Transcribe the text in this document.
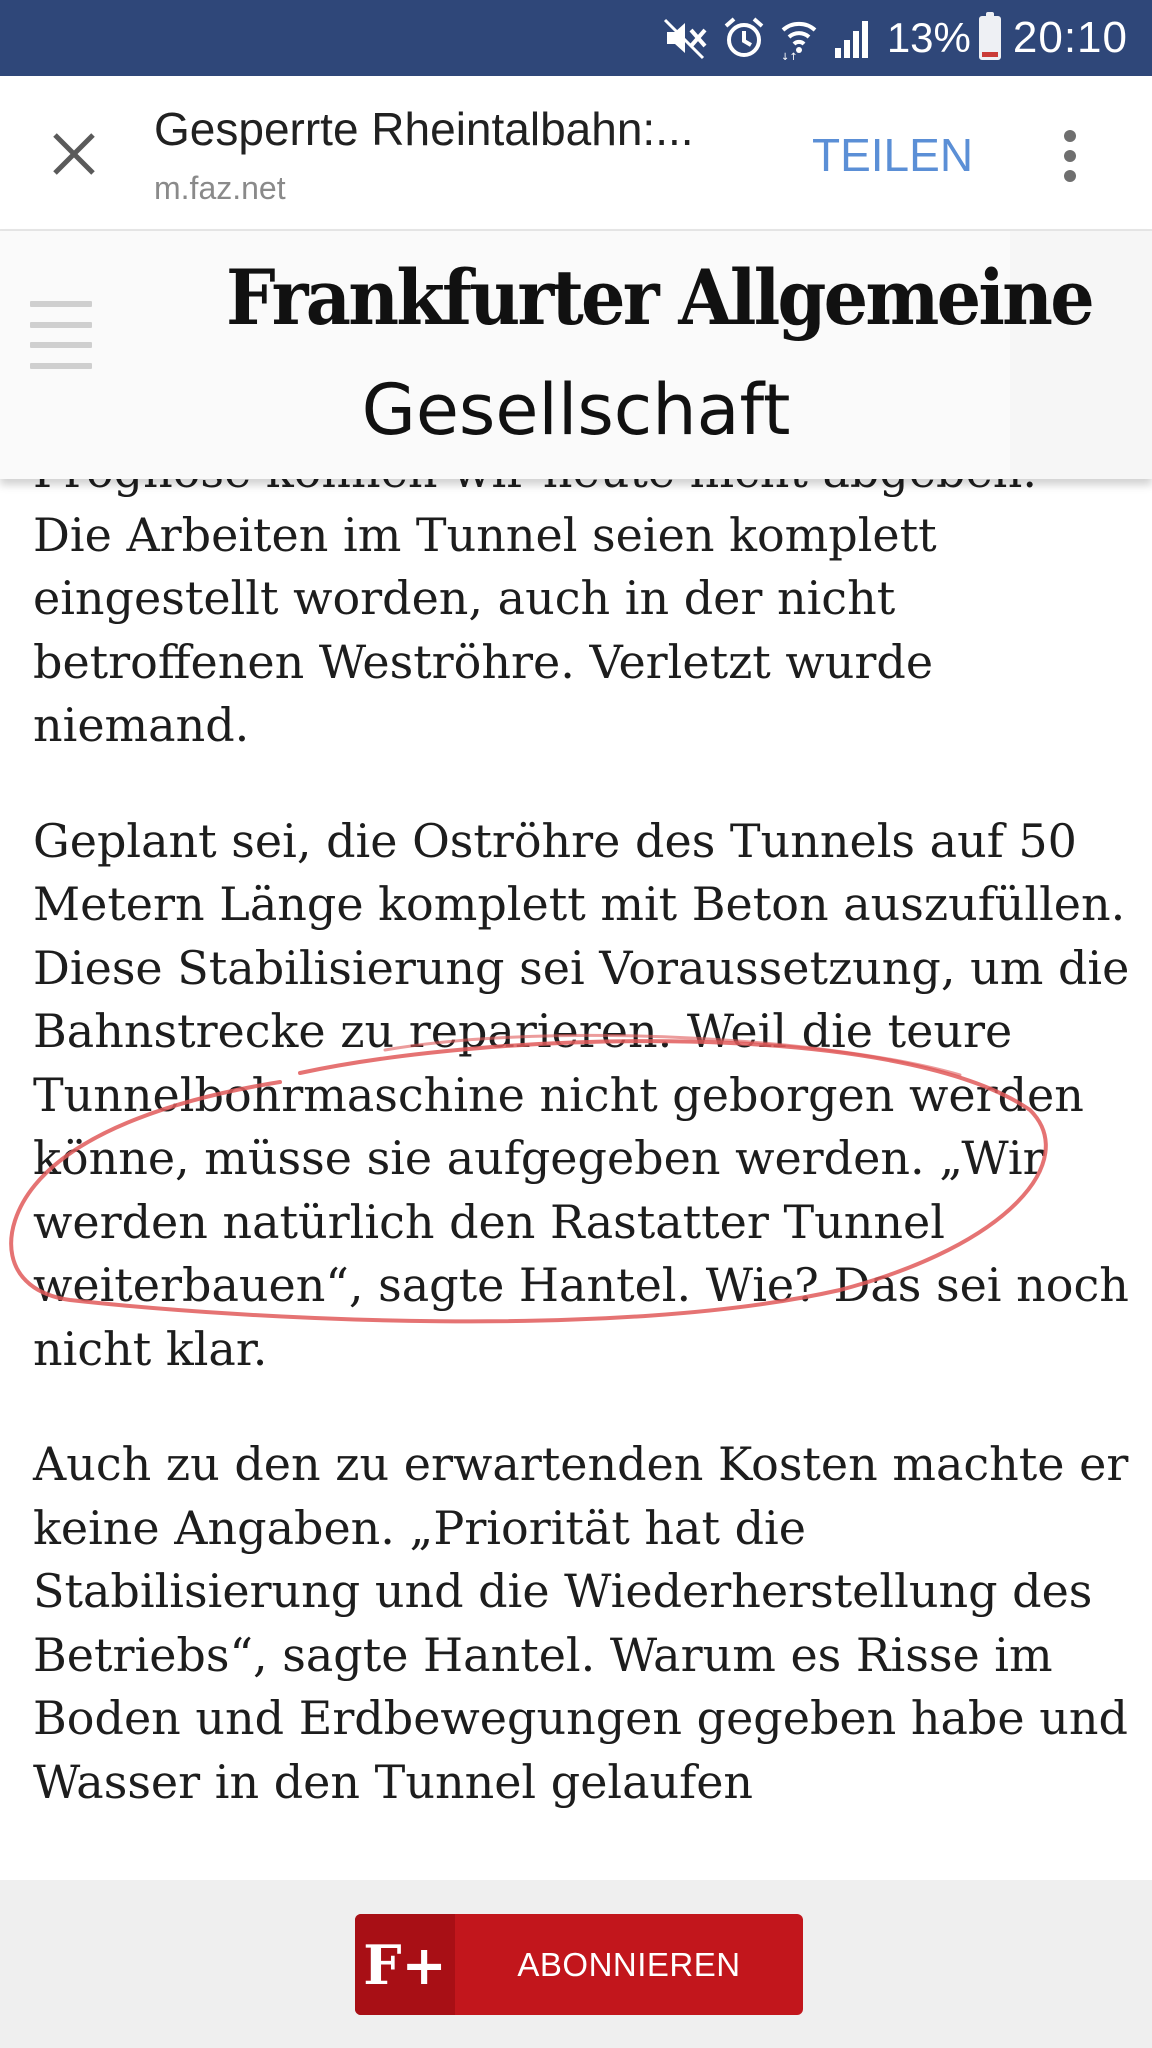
↓↑ 13% 20:10
Gesperrte Rheintalbahn:...
m.faz.net
TEILEN
Frankfurter Allgemeine
Gesellschaft

Die Arbeiten im Tunnel seien komplett eingestellt worden, auch in der nicht betroffenen Weströhre. Verletzt wurde niemand.

Geplant sei, die Oströhre des Tunnels auf 50 Metern Länge komplett mit Beton auszufüllen. Diese Stabilisierung sei Voraussetzung, um die Bahnstrecke zu reparieren. Weil die teure Tunnelbohrmaschine nicht geborgen werden könne, müsse sie aufgegeben werden. „Wir werden natürlich den Rastatter Tunnel weiterbauen“, sagte Hantel. Wie? Das sei noch nicht klar.

Auch zu den zu erwartenden Kosten machte er keine Angaben. „Priorität hat die Stabilisierung und die Wiederherstellung des Betriebs“, sagte Hantel. Warum es Risse im Boden und Erdbewegungen gegeben habe und Wasser in den Tunnel gelaufen

F+	ABONNIEREN
